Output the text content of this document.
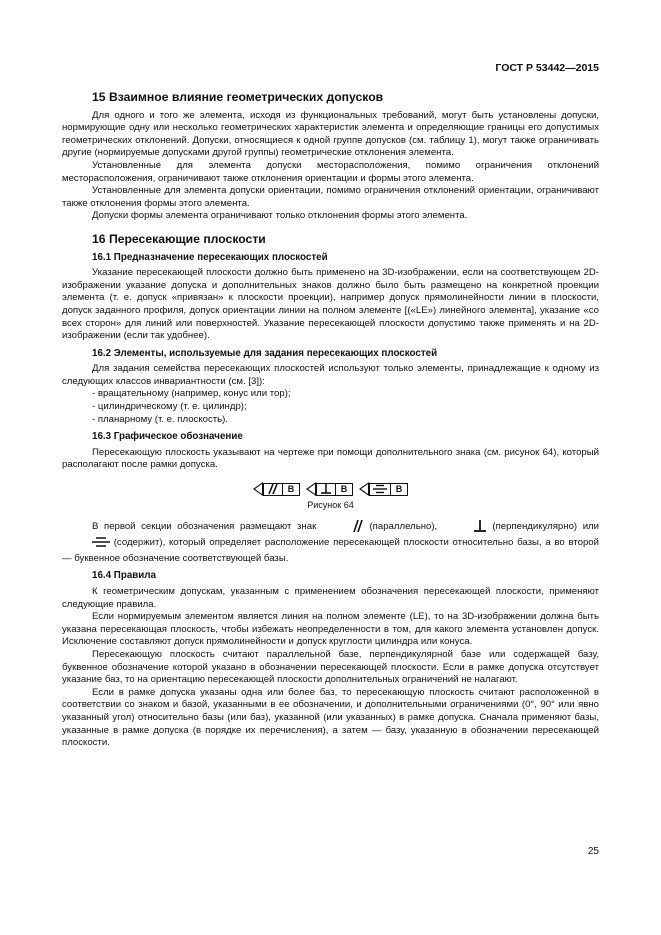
ГОСТ Р 53442—2015
15 Взаимное влияние геометрических допусков

Для одного и того же элемента, исходя из функциональных требований, могут быть установлены допуски, нормирующие одну или несколько геометрических характеристик элемента и определяющие границы его допустимых геометрических отклонений. Допуски, относящиеся к одной группе допусков (см. таблицу 1), могут также ограничивать другие (нормируемые допусками другой группы) геометрические отклонения элемента.

Установленные для элемента допуски месторасположения, помимо ограничения отклонений месторасположения, ограничивают также отклонения ориентации и формы этого элемента.

Установленные для элемента допуски ориентации, помимо ограничения отклонений ориентации, ограничивают также отклонения формы этого элемента.

Допуски формы элемента ограничивают только отклонения формы этого элемента.

16 Пересекающие плоскости
16.1 Предназначение пересекающих плоскостей

Указание пересекающей плоскости должно быть применено на 3D-изображении, если на соответствующем 2D-изображении указание допуска и дополнительных знаков должно было быть размещено на конкретной проекции элемента (т. е. допуск «привязан» к плоскости проекции), например допуск прямолинейности линии в плоскости, допуск заданного профиля, допуск ориентации линии на полном элементе [(«LE») линейного элемента], указание «со всех сторон» для линий или поверхностей. Указание пересекающей плоскости допустимо также применять и на 2D-изображении (если так удобнее).

16.2 Элементы, используемые для задания пересекающих плоскостей

Для задания семейства пересекающих плоскостей используют только элементы, принадлежащие к одному из следующих классов инвариантности (см. [3]):

- вращательному (например, конус или тор);
- цилиндрическому (т. е. цилиндр);
- планарному (т. е. плоскость).
16.3 Графическое обозначение

Пересекающую плоскость указывают на чертеже при помощи дополнительного знака (см. рисунок 64), который располагают после рамки допуска.

B	B	B
Рисунок 64

В первой секции обозначения размещают знак	(параллельно),	(перпендикулярно) или  (содержит), который определяет расположение пересекающей плоскости относительно базы, а во второй — буквенное обозначение соответствующей базы.

16.4 Правила

К геометрическим допускам, указанным с применением обозначения пересекающей плоскости, применяют следующие правила.

Если нормируемым элементом является линия на полном элементе (LE), то на 3D-изображении должна быть указана пересекающая плоскость, чтобы избежать неопределенности в том, для какого элемента установлен допуск. Исключение составляют допуск прямолинейности и допуск круглости цилиндра или конуса.

Пересекающую плоскость считают параллельной базе, перпендикулярной базе или содержащей базу, буквенное обозначение которой указано в обозначении пересекающей плоскости. Если в рамке допуска отсутствует указание баз, то на ориентацию пересекающей плоскости дополнительных ограничений не налагают.

Если в рамке допуска указаны одна или более баз, то пересекающую плоскость считают расположенной в соответствии со знаком и базой, указанными в ее обозначении, и дополнительными ограничениями (0°, 90° или явно указанный угол) относительно базы (или баз), указанной (или указанных) в рамке допуска. Сначала применяют базы, указанные в рамке допуска (в порядке их перечисления), а затем — базу, указанную в обозначении пересекающей плоскости.

25
